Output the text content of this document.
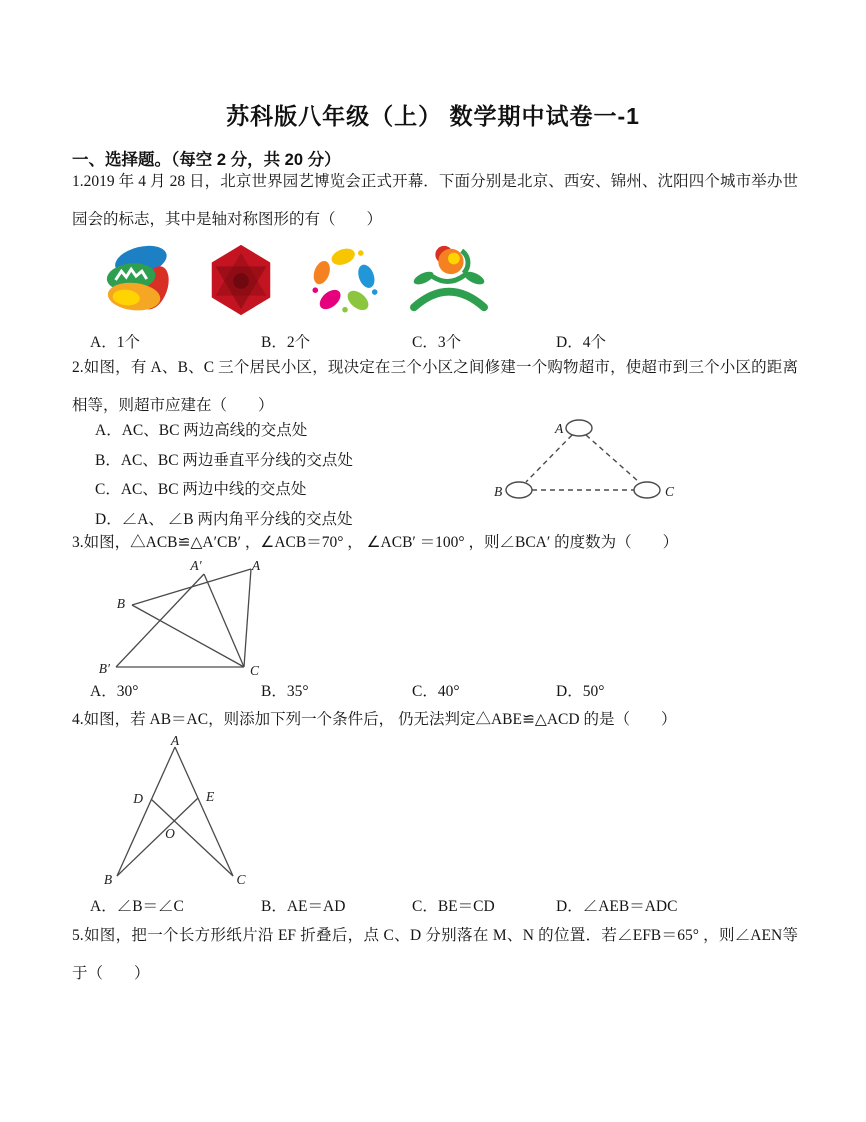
苏科版八年级（上） 数学期中试卷一-1
一、选择题。（每空 2 分，共 20 分）

1.2019 年 4 月 28 日，北京世界园艺博览会正式开幕．下面分别是北京、西安、锦州、沈阳四个城市举办世园会的标志，其中是轴对称图形的有（　　）

A．1个	B．2个	C．3个	D．4个

2.如图，有 A、B、C 三个居民小区，现决定在三个小区之间修建一个购物超市，使超市到三个小区的距离相等，则超市应建在（　　）

A．AC、BC 两边高线的交点处
B．AC、BC 两边垂直平分线的交点处
C．AC、BC 两边中线的交点处
D．∠A、 ∠B 两内角平分线的交点处
A
B	C

3.如图，△ACB≌△A′CB′ ，∠ACB＝70° ， ∠ACB′ ＝100° ，则∠BCA′ 的度数为（　　）

A′	A
B
B′	C
A．30°	B．35°	C．40°	D．50°

4.如图，若 AB＝AC，则添加下列一个条件后， 仍无法判定△ABE≌△ACD 的是（　　）

A
D	E
O
B	C
A．∠B＝∠C	B．AE＝AD	C．BE＝CD	D．∠AEB＝ADC

5.如图，把一个长方形纸片沿 EF 折叠后，点 C、D 分别落在 M、N 的位置．若∠EFB＝65° ，则∠AEN等于（　　）
